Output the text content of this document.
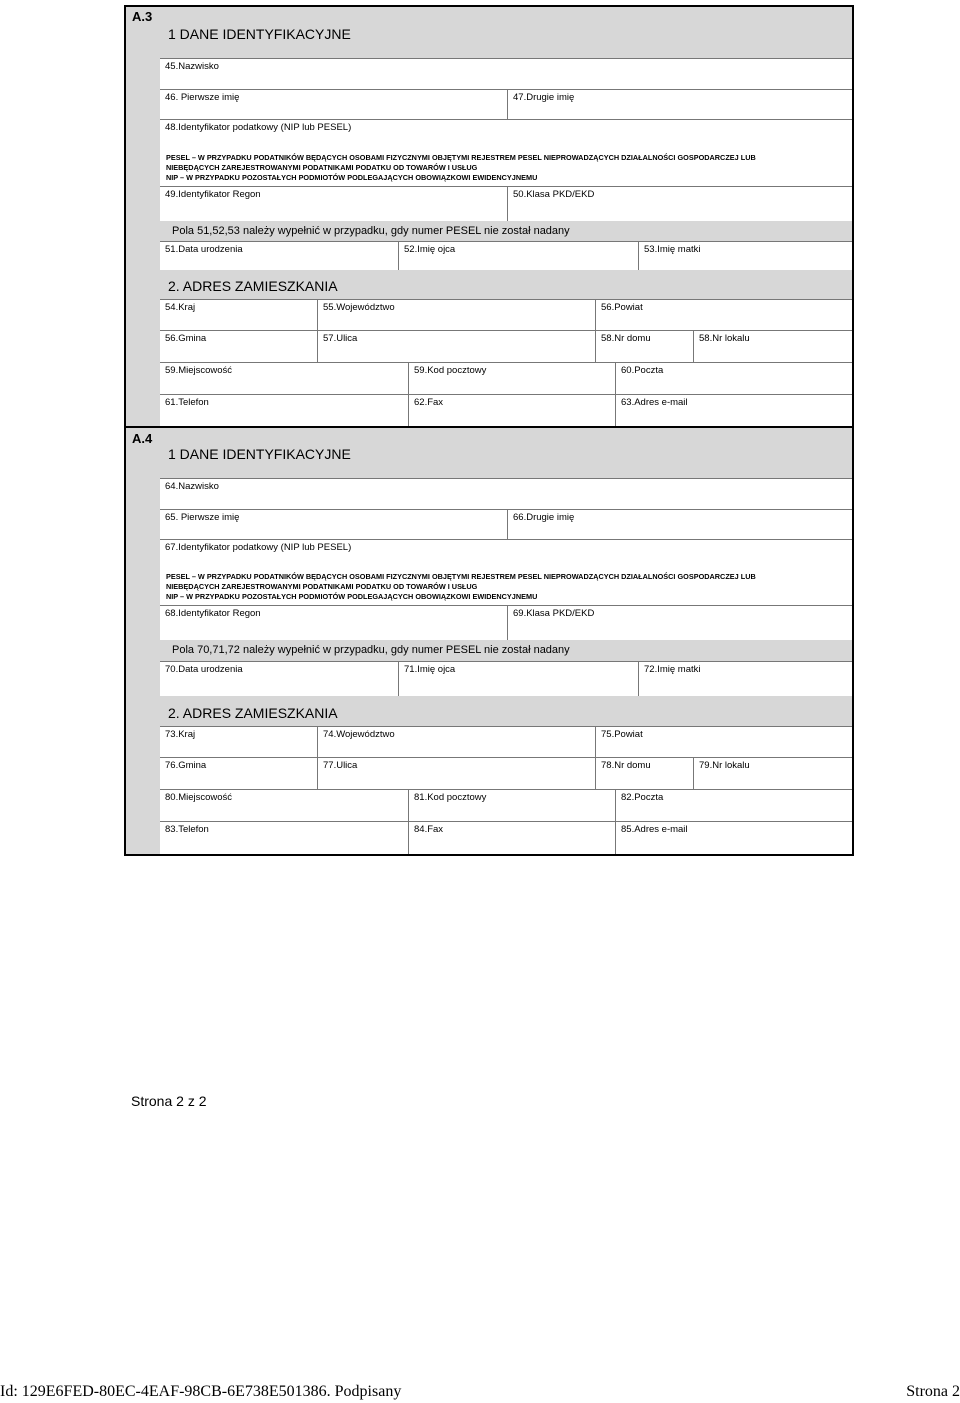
A.3
1 DANE IDENTYFIKACYJNE
45.Nazwisko
46. Pierwsze imię	47.Drugie imię
48.Identyfikator podatkowy (NIP lub PESEL)
PESEL – W PRZYPADKU PODATNIKÓW BĘDĄCYCH OSOBAMI FIZYCZNYMI OBJĘTYMI REJESTREM PESEL NIEPROWADZĄCYCH DZIAŁALNOŚCI GOSPODARCZEJ LUB
NIEBĘDĄCYCH ZAREJESTROWANYMI PODATNIKAMI PODATKU OD TOWARÓW I USŁUG
NIP – W PRZYPADKU POZOSTAŁYCH PODMIOTÓW PODLEGAJĄCYCH OBOWIĄZKOWI EWIDENCYJNEMU
49.Identyfikator Regon	50.Klasa PKD/EKD
Pola 51,52,53 należy wypełnić w przypadku, gdy numer PESEL nie został nadany
51.Data urodzenia	52.Imię ojca	53.Imię matki
2. ADRES ZAMIESZKANIA
54.Kraj	55.Województwo	56.Powiat
56.Gmina	57.Ulica	58.Nr domu	58.Nr lokalu
59.Miejscowość	59.Kod pocztowy	60.Poczta
61.Telefon	62.Fax	63.Adres e-mail
A.4
1 DANE IDENTYFIKACYJNE
64.Nazwisko
65. Pierwsze imię	66.Drugie imię
67.Identyfikator podatkowy (NIP lub PESEL)
PESEL – W PRZYPADKU PODATNIKÓW BĘDĄCYCH OSOBAMI FIZYCZNYMI OBJĘTYMI REJESTREM PESEL NIEPROWADZĄCYCH DZIAŁALNOŚCI GOSPODARCZEJ LUB
NIEBĘDĄCYCH ZAREJESTROWANYMI PODATNIKAMI PODATKU OD TOWARÓW I USŁUG
NIP – W PRZYPADKU POZOSTAŁYCH PODMIOTÓW PODLEGAJĄCYCH OBOWIĄZKOWI EWIDENCYJNEMU
68.Identyfikator Regon	69.Klasa PKD/EKD
Pola 70,71,72 należy wypełnić w przypadku, gdy numer PESEL nie został nadany
70.Data urodzenia	71.Imię ojca	72.Imię matki
2. ADRES ZAMIESZKANIA
73.Kraj	74.Województwo	75.Powiat
76.Gmina	77.Ulica	78.Nr domu	79.Nr lokalu
80.Miejscowość	81.Kod pocztowy	82.Poczta
83.Telefon	84.Fax	85.Adres e-mail
Strona 2 z 2
Id: 129E6FED-80EC-4EAF-98CB-6E738E501386. Podpisany	Strona 2
